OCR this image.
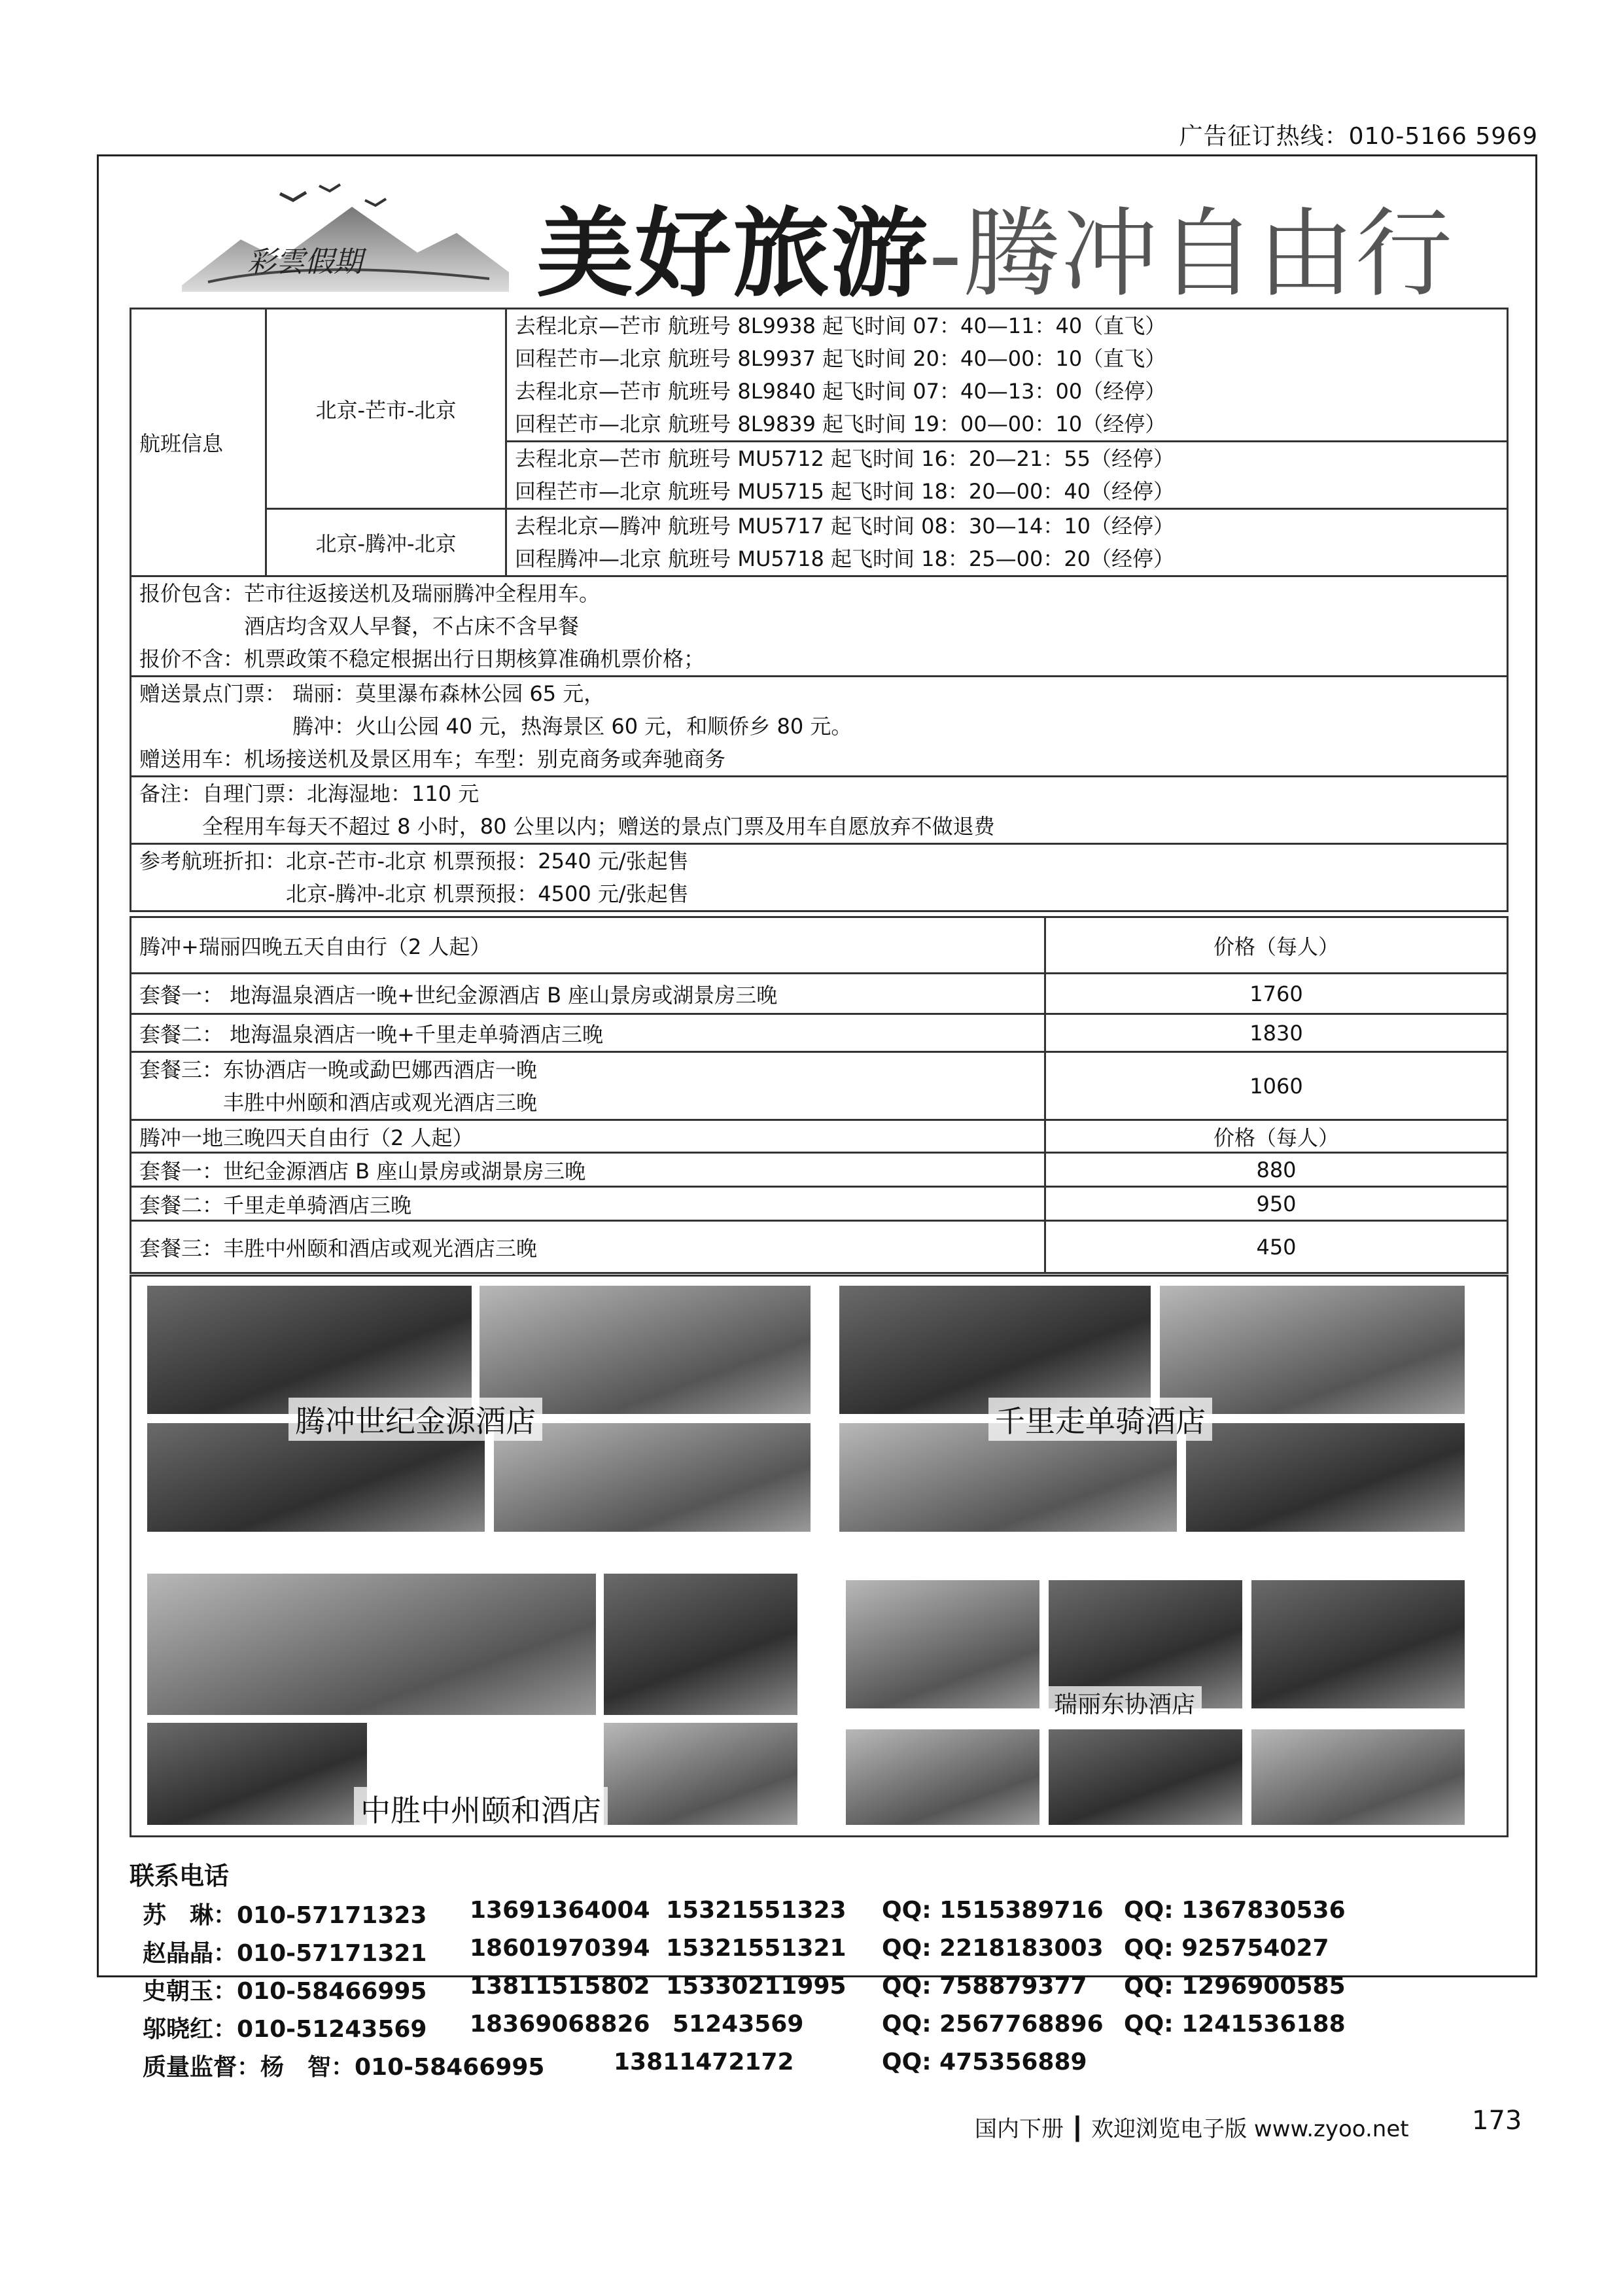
广告征订热线：010-5166 5969
彩雲假期 美好旅游-腾冲自由行
航班信息	北京-芒市-北京	去程北京—芒市 航班号 8L9938 起飞时间 07：40—11：40（直飞）
回程芒市—北京 航班号 8L9937 起飞时间 20：40—00：10（直飞）
去程北京—芒市 航班号 8L9840 起飞时间 07：40—13：00（经停）
回程芒市—北京 航班号 8L9839 起飞时间 19：00—00：10（经停）

		去程北京—芒市 航班号 MU5712 起飞时间 16：20—21：55（经停）
回程芒市—北京 航班号 MU5715 起飞时间 18：20—00：40（经停）

	北京-腾冲-北京	去程北京—腾冲 航班号 MU5717 起飞时间 08：30—14：10（经停）
回程腾冲—北京 航班号 MU5718 起飞时间 18：25—00：20（经停）

报价包含：芒市往返接送机及瑞丽腾冲全程用车。
　　　　　酒店均含双人早餐，不占床不含早餐
报价不含：机票政策不稳定根据出行日期核算准确机票价格；		

赠送景点门票： 瑞丽：莫里瀑布森林公园 65 元，
　　　　　　　 腾冲：火山公园 40 元，热海景区 60 元，和顺侨乡 80 元。
赠送用车：机场接送机及景区用车；车型：别克商务或奔驰商务		

备注：自理门票：北海湿地：110 元
　　　全程用车每天不超过 8 小时，80 公里以内；赠送的景点门票及用车自愿放弃不做退费		

参考航班折扣：北京-芒市-北京 机票预报：2540 元/张起售
　　　　　　　北京-腾冲-北京 机票预报：4500 元/张起售		
腾冲+瑞丽四晚五天自由行（2 人起）	价格（每人）
套餐一： 地海温泉酒店一晚+世纪金源酒店 B 座山景房或湖景房三晚	1760
套餐二： 地海温泉酒店一晚+千里走单骑酒店三晚	1830

套餐三：东协酒店一晚或勐巴娜西酒店一晚
　　　　丰胜中州颐和酒店或观光酒店三晚	1060
腾冲一地三晚四天自由行（2 人起）	价格（每人）
套餐一：世纪金源酒店 B 座山景房或湖景房三晚	880
套餐二：千里走单骑酒店三晚	950
套餐三：丰胜中州颐和酒店或观光酒店三晚	450
腾冲世纪金源酒店	千里走单骑酒店
中胜中州颐和酒店
瑞丽东协酒店
联系电话
苏　琳：010-57171323 13691364004 15321551323 QQ: 1515389716 QQ: 1367830536
赵晶晶：010-57171321 18601970394 15321551321 QQ: 2218183003 QQ: 925754027
史朝玉：010-58466995 13811515802 15330211995 QQ: 758879377 QQ: 1296900585
邬晓红：010-51243569 18369068826 51243569	QQ: 2567768896 QQ: 1241536188
质量监督：杨　智：010-58466995	13811472172	QQ: 475356889
国内下册 ┃ 欢迎浏览电子版 www.zyoo.net 173
